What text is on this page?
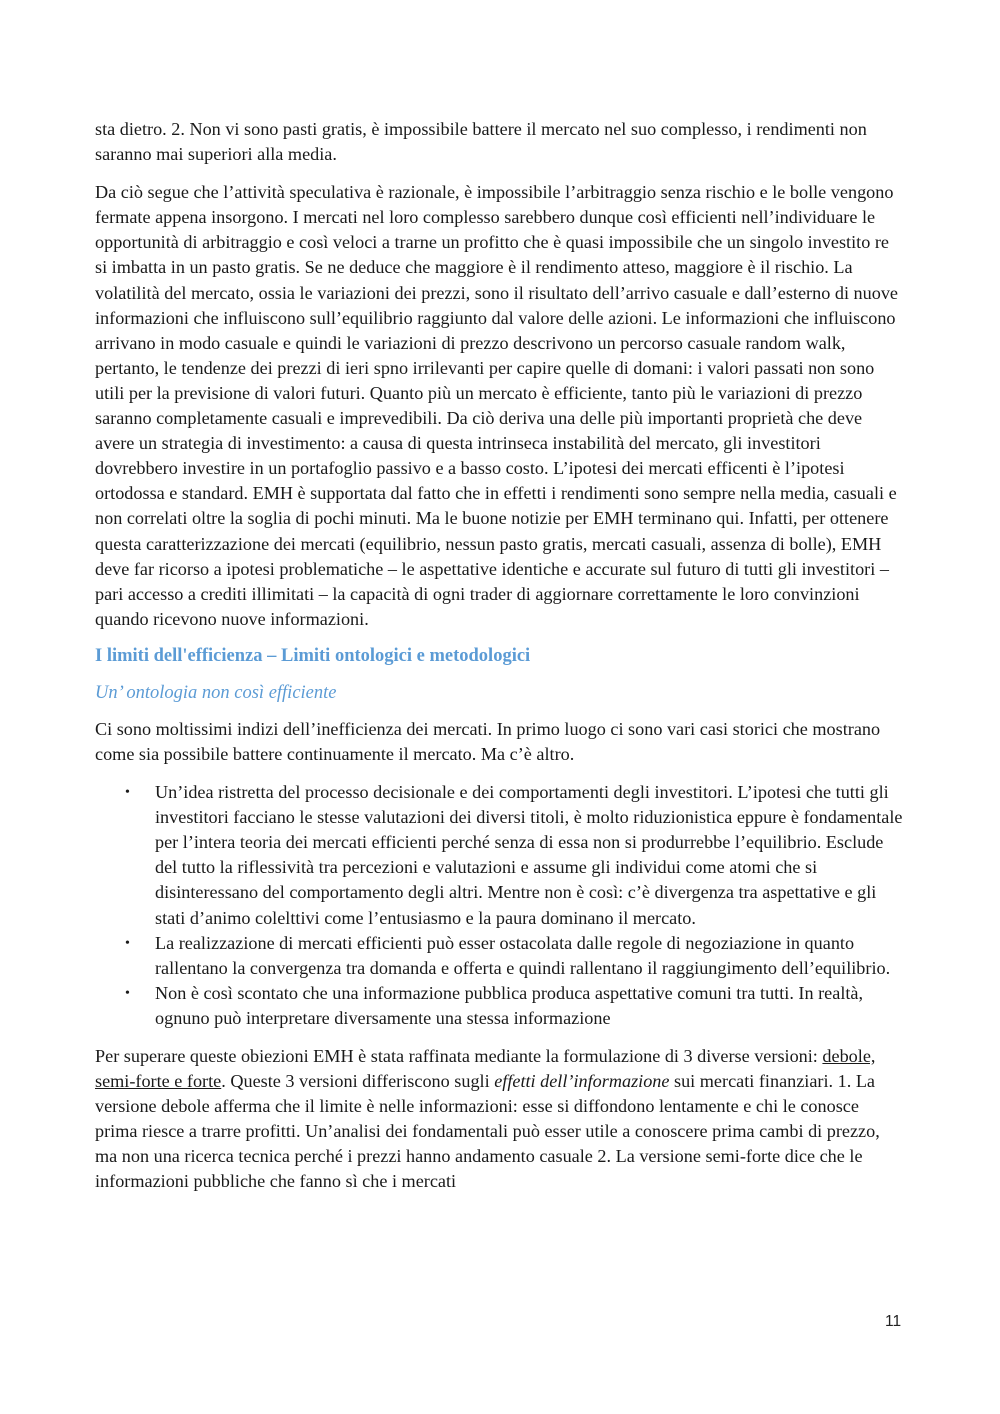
sta dietro. 2. Non vi sono pasti gratis, è impossibile battere il mercato nel suo complesso, i rendimenti non saranno mai superiori alla media.

Da ciò segue che l’attività speculativa è razionale, è impossibile l’arbitraggio senza rischio e le bolle vengono fermate appena insorgono. I mercati nel loro complesso sarebbero dunque così efficienti nell’individuare le opportunità di arbitraggio e così veloci a trarne un profitto che è quasi impossibile che un singolo investito re si imbatta in un pasto gratis. Se ne deduce che maggiore è il rendimento atteso, maggiore è il rischio. La volatilità del mercato, ossia le variazioni dei prezzi, sono il risultato dell’arrivo casuale e dall’esterno di nuove informazioni che influiscono sull’equilibrio raggiunto dal valore delle azioni. Le informazioni che influiscono arrivano in modo casuale e quindi le variazioni di prezzo descrivono un percorso casuale random walk, pertanto, le tendenze dei prezzi di ieri spno irrilevanti per capire quelle di domani: i valori passati non sono utili per la previsione di valori futuri. Quanto più un mercato è efficiente, tanto più le variazioni di prezzo saranno completamente casuali e imprevedibili. Da ciò deriva una delle più importanti proprietà che deve avere un strategia di investimento: a causa di questa intrinseca instabilità del mercato, gli investitori dovrebbero investire in un portafoglio passivo e a basso costo. L’ipotesi dei mercati efficenti è l’ipotesi ortodossa e standard. EMH è supportata dal fatto che in effetti i rendimenti sono sempre nella media, casuali e non correlati oltre la soglia di pochi minuti. Ma le buone notizie per EMH terminano qui. Infatti, per ottenere questa caratterizzazione dei mercati (equilibrio, nessun pasto gratis, mercati casuali, assenza di bolle), EMH deve far ricorso a ipotesi problematiche – le aspettative identiche e accurate sul futuro di tutti gli investitori – pari accesso a crediti illimitati – la capacità di ogni trader di aggiornare correttamente le loro convinzioni quando ricevono nuove informazioni.

I limiti dell'efficienza – Limiti ontologici e metodologici

Un’ ontologia non così efficiente

Ci sono moltissimi indizi dell’inefficienza dei mercati. In primo luogo ci sono vari casi storici che mostrano come sia possibile battere continuamente il mercato. Ma c’è altro.

• Un’idea ristretta del processo decisionale e dei comportamenti degli investitori. L’ipotesi che tutti gli investitori facciano le stesse valutazioni dei diversi titoli, è molto riduzionistica eppure è fondamentale per l’intera teoria dei mercati efficienti perché senza di essa non si produrrebbe l’equilibrio. Esclude del tutto la riflessività tra percezioni e valutazioni e assume gli individui come atomi che si disinteressano del comportamento degli altri. Mentre non è così: c’è divergenza tra aspettative e gli stati d’animo colelttivi come l’entusiasmo e la paura dominano il mercato.
• La realizzazione di mercati efficienti può esser ostacolata dalle regole di negoziazione in quanto rallentano la convergenza tra domanda e offerta e quindi rallentano il raggiungimento dell’equilibrio.
• Non è così scontato che una informazione pubblica produca aspettative comuni tra tutti. In realtà, ognuno può interpretare diversamente una stessa informazione

Per superare queste obiezioni EMH è stata raffinata mediante la formulazione di 3 diverse versioni: debole, semi-forte e forte. Queste 3 versioni differiscono sugli effetti dell’informazione sui mercati finanziari. 1. La versione debole afferma che il limite è nelle informazioni: esse si diffondono lentamente e chi le conosce prima riesce a trarre profitti. Un’analisi dei fondamentali può esser utile a conoscere prima cambi di prezzo, ma non una ricerca tecnica perché i prezzi hanno andamento casuale 2. La versione semi-forte dice che le informazioni pubbliche che fanno sì che i mercati

11
